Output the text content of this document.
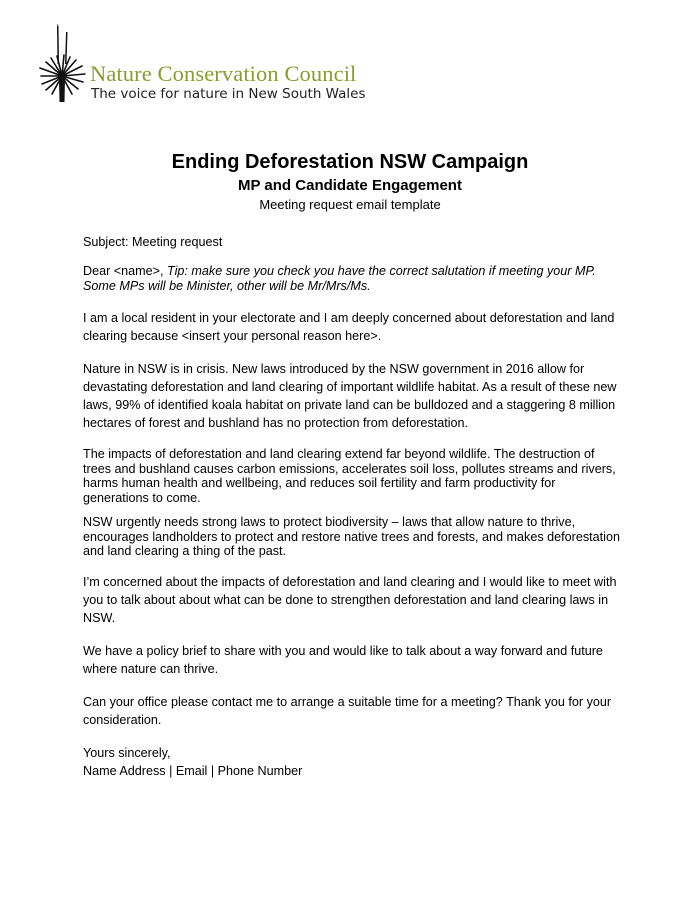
Nature Conservation Council
The voice for nature in New South Wales
Ending Deforestation NSW Campaign
MP and Candidate Engagement
Meeting request email template

Subject: Meeting request

Dear <name>, Tip: make sure you check you have the correct salutation if meeting your MP. Some MPs will be Minister, other will be Mr/Mrs/Ms.

I am a local resident in your electorate and I am deeply concerned about deforestation and land clearing because <insert your personal reason here>.

Nature in NSW is in crisis. New laws introduced by the NSW government in 2016 allow for devastating deforestation and land clearing of important wildlife habitat. As a result of these new laws, 99% of identified koala habitat on private land can be bulldozed and a staggering 8 million hectares of forest and bushland has no protection from deforestation.

The impacts of deforestation and land clearing extend far beyond wildlife. The destruction of trees and bushland causes carbon emissions, accelerates soil loss, pollutes streams and rivers, harms human health and wellbeing, and reduces soil fertility and farm productivity for generations to come.

NSW urgently needs strong laws to protect biodiversity – laws that allow nature to thrive, encourages landholders to protect and restore native trees and forests, and makes deforestation and land clearing a thing of the past.

I’m concerned about the impacts of deforestation and land clearing and I would like to meet with you to talk about about what can be done to strengthen deforestation and land clearing laws in NSW.

We have a policy brief to share with you and would like to talk about a way forward and future where nature can thrive.

Can your office please contact me to arrange a suitable time for a meeting? Thank you for your consideration.

Yours sincerely,

Name Address | Email | Phone Number
